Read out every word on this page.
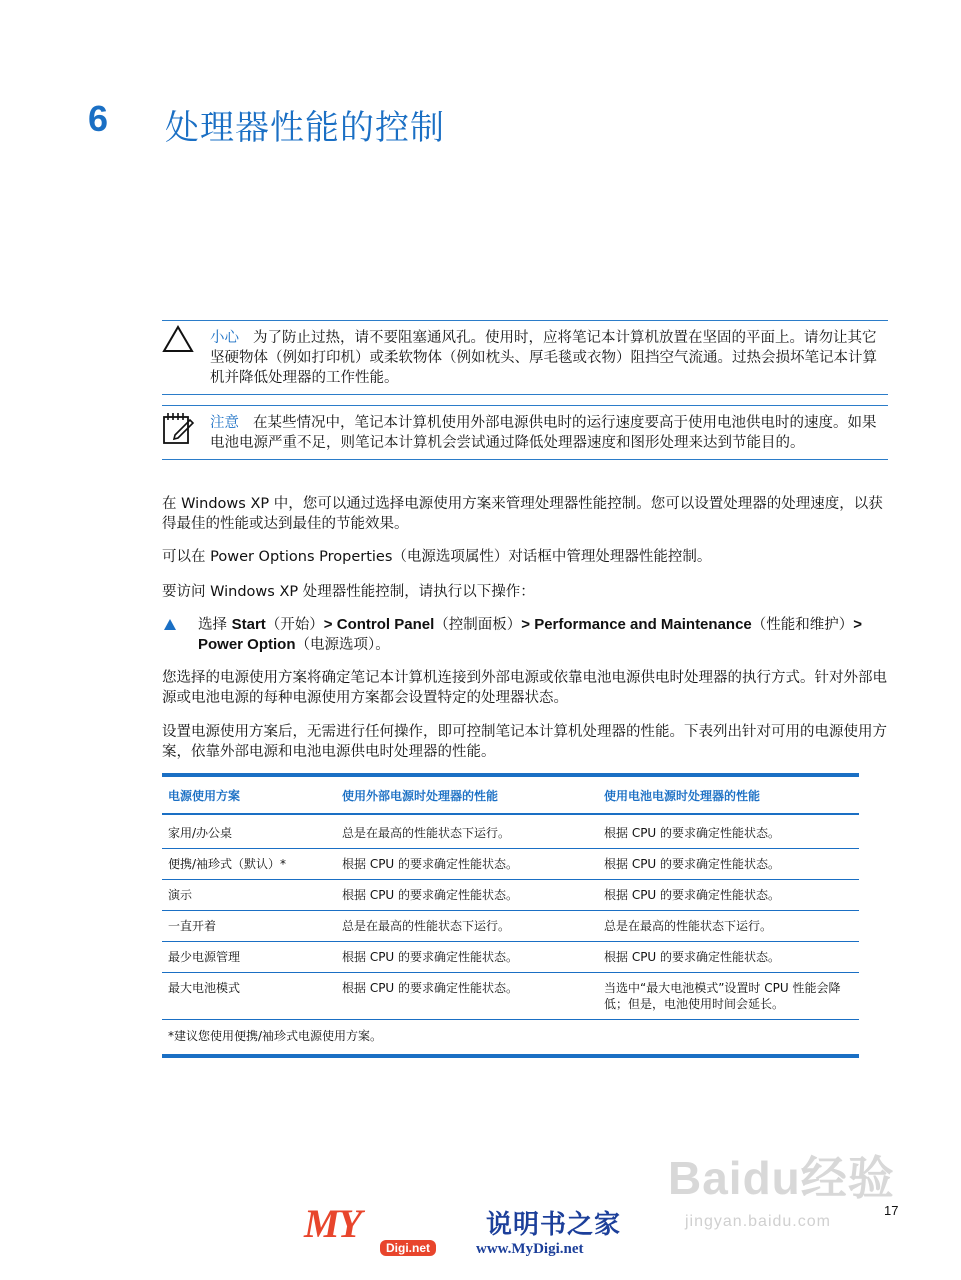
6 处理器性能的控制
小心 为了防止过热，请不要阻塞通风孔。使用时，应将笔记本计算机放置在坚固的平面上。请勿让其它坚硬物体（例如打印机）或柔软物体（例如枕头、厚毛毯或衣物）阻挡空气流通。过热会损坏笔记本计算机并降低处理器的工作性能。
注意 在某些情况中，笔记本计算机使用外部电源供电时的运行速度要高于使用电池供电时的速度。如果电池电源严重不足，则笔记本计算机会尝试通过降低处理器速度和图形处理来达到节能目的。

在 Windows XP 中，您可以通过选择电源使用方案来管理处理器性能控制。您可以设置处理器的处理速度，以获得最佳的性能或达到最佳的节能效果。

可以在 Power Options Properties（电源选项属性）对话框中管理处理器性能控制。

要访问 Windows XP 处理器性能控制，请执行以下操作：

选择 Start（开始）> Control Panel（控制面板）> Performance and Maintenance（性能和维护）> Power Option（电源选项）。

您选择的电源使用方案将确定笔记本计算机连接到外部电源或依靠电池电源供电时处理器的执行方式。针对外部电源或电池电源的每种电源使用方案都会设置特定的处理器状态。

设置电源使用方案后，无需进行任何操作，即可控制笔记本计算机处理器的性能。下表列出针对可用的电源使用方案，依靠外部电源和电池电源供电时处理器的性能。

电源使用方案	使用外部电源时处理器的性能	使用电池电源时处理器的性能
家用/办公桌	总是在最高的性能状态下运行。	根据 CPU 的要求确定性能状态。
便携/袖珍式（默认）*	根据 CPU 的要求确定性能状态。	根据 CPU 的要求确定性能状态。
演示	根据 CPU 的要求确定性能状态。	根据 CPU 的要求确定性能状态。
一直开着	总是在最高的性能状态下运行。	总是在最高的性能状态下运行。
最少电源管理	根据 CPU 的要求确定性能状态。	根据 CPU 的要求确定性能状态。
最大电池模式	根据 CPU 的要求确定性能状态。	当选中“最大电池模式”设置时 CPU 性能会降低；但是，电池使用时间会延长。
*建议您使用便携/袖珍式电源使用方案。		
Baidu经验
jingyan.baidu.com
17
MY
Digi.net
说明书之家
www.MyDigi.net
